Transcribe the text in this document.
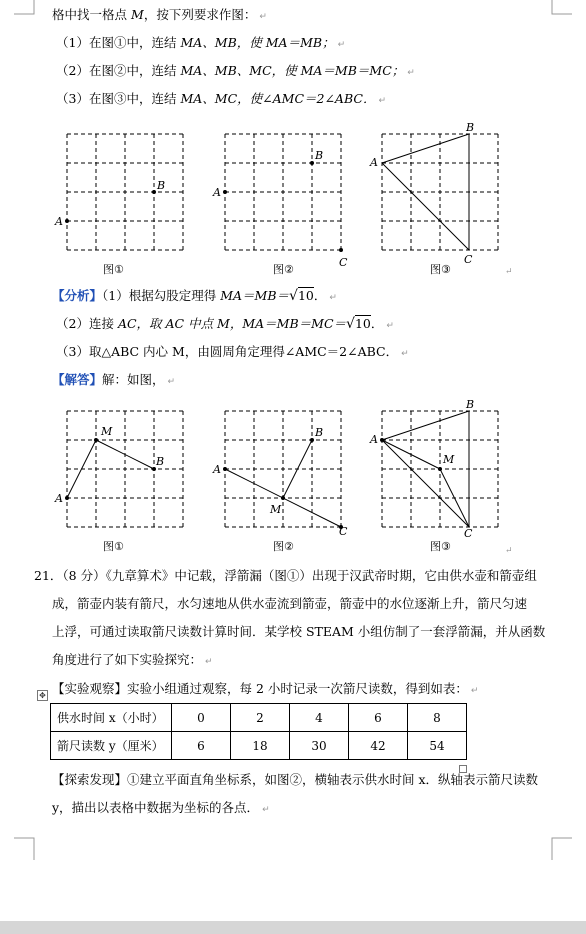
格中找一格点 M，按下列要求作图： ↵
（1）在图①中，连结 MA、MB，使 MA＝MB； ↵
（2）在图②中，连结 MA、MB、MC，使 MA＝MB＝MC； ↵
（3）在图③中，连结 MA、MC，使∠AMC＝2∠ABC． ↵
A
B
图①
A
B
C
图②
A
B
C
图③	↵
【分析】（1）根据勾股定理得 MA＝MB＝√10． ↵
（2）连接 AC，取 AC 中点 M，MA＝MB＝MC＝√10． ↵
（3）取△ABC 内心 M，由圆周角定理得∠AMC＝2∠ABC． ↵
【解答】解：如图， ↵
A
M
B
图①
A
B
M
C
图②
A
B
M
C
图③	↵
21．（8 分）《九章算术》中记载，浮箭漏（图①）出现于汉武帝时期，它由供水壶和箭壶组
成，箭壶内装有箭尺，水匀速地从供水壶流到箭壶，箭壶中的水位逐渐上升，箭尺匀速
上浮，可通过读取箭尺读数计算时间．某学校 STEAM 小组仿制了一套浮箭漏，并从函数
角度进行了如下实验探究： ↵
【实验观察】实验小组通过观察，每 2 小时记录一次箭尺读数，得到如表： ↵
✥
供水时间 x（小时）	0	2	4	6	8
箭尺读数 y（厘米）	6	18	30	42	54
【探索发现】①建立平面直角坐标系，如图②，横轴表示供水时间 x．纵轴表示箭尺读数
y，描出以表格中数据为坐标的各点． ↵
